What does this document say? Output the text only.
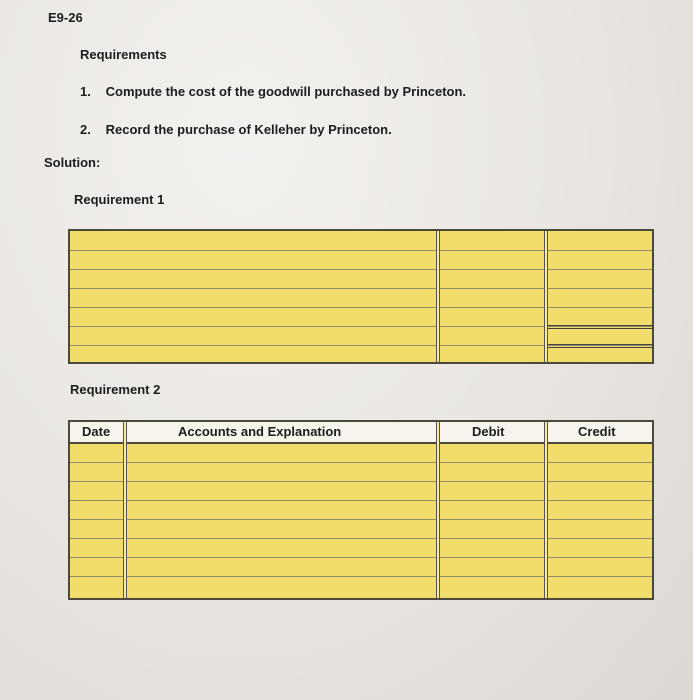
E9-26
Requirements
1. Compute the cost of the goodwill purchased by Princeton.
2. Record the purchase of Kelleher by Princeton.
Solution:
Requirement 1
Requirement 2
Date	Accounts and Explanation	Debit	Credit
